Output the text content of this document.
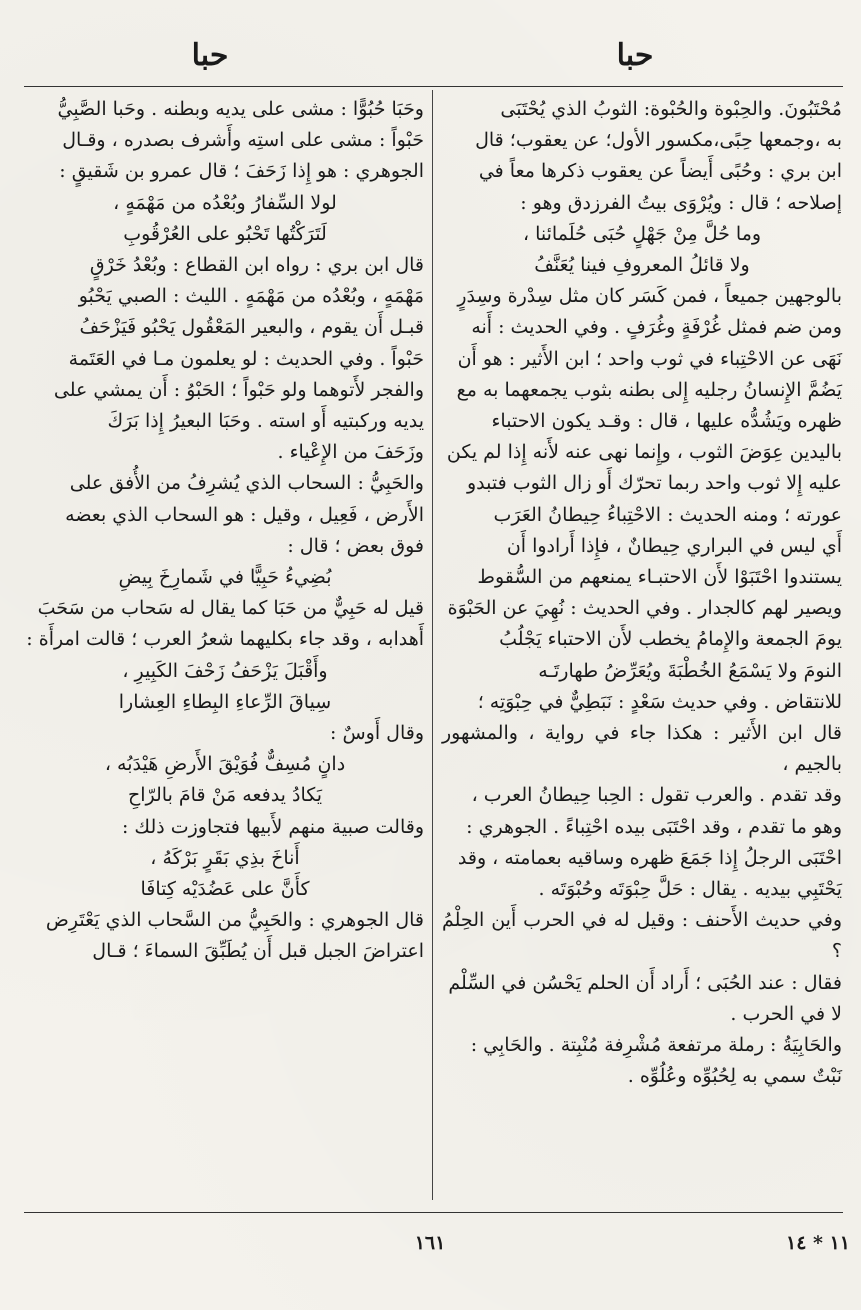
حبا
حبا

مُحْتَبُونَ. والحِبْوة والحُبْوة: الثوبُ الذي يُحْتَبَى

به ،وجمعها حِبًى،مكسور الأول؛ عن يعقوب؛ قال

ابن بري : وحُبًى أَيضاً عن يعقوب ذكرها معاً في

إصلاحه ؛ قال : ويُرْوَى بيتُ الفرزدق وهو :

وما حُلَّ مِنْ جَهْلٍ حُبَى حُلَمائنا ،

ولا قائلُ المعروفِ فينا يُعَنَّفُ

بالوجهين جميعاً ، فمن كَسَر كان مثل سِدْرة وسِدَرٍ

ومن ضم فمثل غُرْفَةٍ وغُرَفٍ . وفي الحديث : أَنه

نَهَى عن الاحْتِباء في ثوب واحد ؛ ابن الأَثير : هو أَن

يَضُمَّ الإِنسانُ رجليه إِلى بطنه بثوب يجمعهما به مع

ظهره ويَشُدُّه عليها ، قال : وقـد يكون الاحتباء

باليدين عِوَضَ الثوب ، وإِنما نهى عنه لأَنه إِذا لم يكن

عليه إِلا ثوب واحد ربما تحرّك أَو زال الثوب فتبدو

عورته ؛ ومنه الحديث : الاحْتِباءُ حِيطانُ العَرَب

أَي ليس في البراري حِيطانٌ ، فإِذا أَرادوا أَن

يستندوا احْتَبَوْا لأَن الاحتبـاء يمنعهم من السُّقوط

ويصير لهم كالجدار . وفي الحديث : نُهِيَ عن الحَبْوَة

يومَ الجمعة والإِمامُ يخطب لأَن الاحتباء يَجْلُبُ

النومَ ولا يَسْمَعُ الخُطْبَةَ ويُعَرِّضُ طهارتَـه

للانتقاض . وفي حديث سَعْدٍ : نَبَطِيٌّ في حِبْوَتِه ؛

قال ابن الأَثير : هكذا جاء في رواية ، والمشهور بالجيم ،

وقد تقدم . والعرب تقول : الحِبا حِيطانُ العرب ،

وهو ما تقدم ، وقد احْتَبَى بيده احْتِباءً . الجوهري :

احْتَبَى الرجلُ إِذا جَمَعَ ظهره وساقيه بعمامته ، وقد

يَحْتَبِي بيديه . يقال : حَلَّ حِبْوَتَه وحُبْوَتَه .

وفي حديث الأَحنف : وقيل له في الحرب أَين الحِلْمُ ؟

فقال : عند الحُبَى ؛ أَراد أَن الحلم يَحْسُن في السِّلْم

لا في الحرب .

والحَابِيَةُ : رملة مرتفعة مُشْرِفة مُنْبِتة . والحَابِي :

نَبْتٌ سمي به لِحُبُوِّه وعُلُوِّه .

وحَبَا حُبُوًّا : مشى على يديه وبطنه . وحَبا الصَّبِيُّ

حَبْواً : مشى على استِه وأَشرف بصدره ، وقـال

الجوهري : هو إِذا زَحَفَ ؛ قال عمرو بن شَقيقٍ :

لولا السِّفارُ وبُعْدُه من مَهْمَهٍ ،

لَتَرَكْتُها تَحْبُو على العُرْقُوبِ

قال ابن بري : رواه ابن القطاع : وبُعْدُ خَرْقٍ

مَهْمَهٍ ، وبُعْدُه من مَهْمَهٍ . الليث : الصبي يَحْبُو

قبـل أَن يقوم ، والبعير المَعْقُول يَحْبُو فَيَزْحَفُ

حَبْواً . وفي الحديث : لو يعلمون مـا في العَتَمة

والفجر لأَتوهما ولو حَبْواً ؛ الحَبْوُ : أَن يمشي على

يديه وركبتيه أَو استه . وحَبَا البعيرُ إِذا بَرَكَ

وزَحَفَ من الإِعْياء .

والحَبِيُّ : السحاب الذي يُشرِفُ من الأُفق على

الأَرض ، فَعِيل ، وقيل : هو السحاب الذي بعضه

فوق بعض ؛ قال :

بُضِيءُ حَبِيًّا في شَمارِخَ بِيضِ

قيل له حَبِيٌّ من حَبَا كما يقال له سَحاب من سَحَبَ

أَهدابه ، وقد جاء بكليهما شعرُ العرب ؛ قالت امرأَة :

وأَقْبَلَ يَزْحَفُ زَحْفَ الكَبِيرِ ،

سِياقَ الرِّعاءِ البِطاءِ العِشارا

وقال أَوسٌ :

دانٍ مُسِفٌّ فُوَيْقَ الأَرضِ هَيْدَبُه ،

يَكادُ يدفعه مَنْ قامَ بالرّاحِ

وقالت صبية منهم لأَبيها فتجاوزت ذلك :

أَناخَ بذِي بَقَرٍ بَرْكَهُ ،

كأَنَّ على عَضُدَيْه كِتافَا

قال الجوهري : والحَبِيُّ من السَّحاب الذي يَعْتَرِض

اعتراضَ الجبل قبل أَن يُطَبِّقَ السماءَ ؛ قـال

١٦١	١١ * ١٤
